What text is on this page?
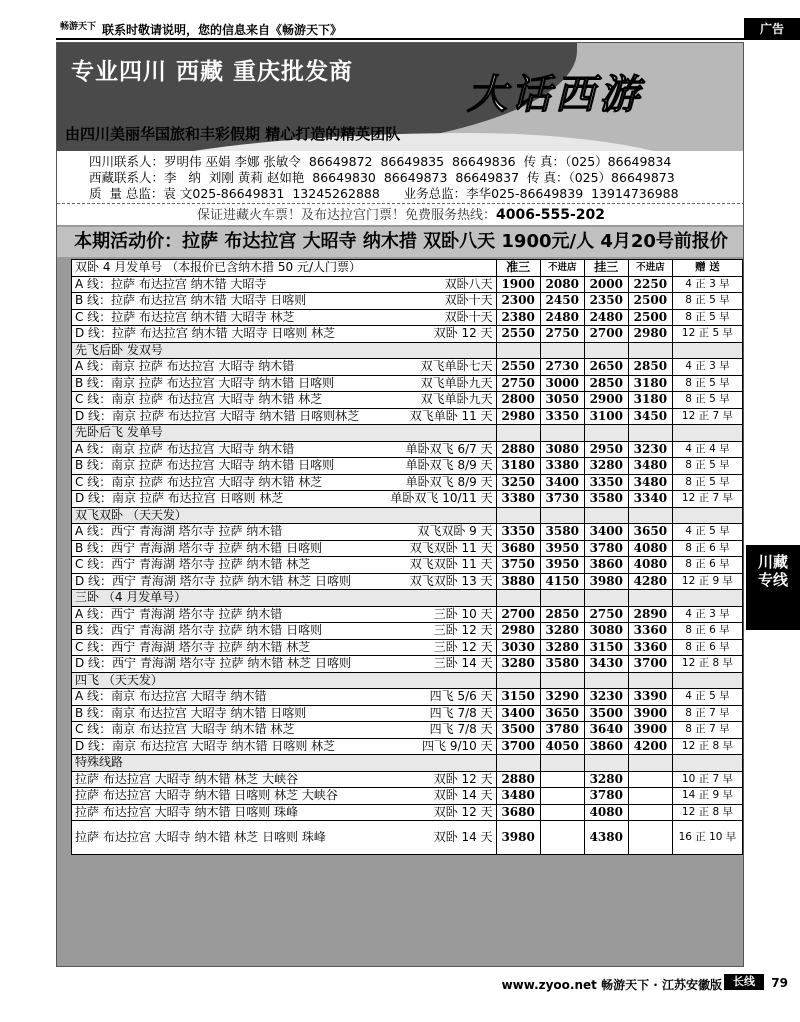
畅游天下 联系时敬请说明，您的信息来自《畅游天下》	广告
专业四川 西藏 重庆批发商	大话西游
由四川美丽华国旅和丰彩假期 精心打造的精英团队
四川联系人：罗明伟 巫娟 李娜 张敏令  86649872  86649835  86649836  传 真：（025）86649834
西藏联系人：李   纳  刘刚 黄莉 赵如艳  86649830  86649873  86649837  传 真：（025）86649873
质  量 总监：袁 文025-86649831  13245262888      业务总监：李华025-86649839  13914736988
保证进藏火车票！及布达拉宫门票！免费服务热线：4006-555-202
本期活动价：拉萨 布达拉宫 大昭寺 纳木措 双卧八天 1900元/人 4月20号前报价
双卧 4 月发单号 （本报价已含纳木措 50 元/人门票）	准三	不进店	挂三	不进店	赠 送

A 线：拉萨 布达拉宫 纳木错 大昭寺 双卧八天	1900	2080	2000	2250	4 正 3 早

B 线：拉萨 布达拉宫 纳木错 大昭寺 日喀则 双卧十天	2300	2450	2350	2500	8 正 5 早

C 线：拉萨 布达拉宫 纳木错 大昭寺 林芝 双卧十天	2380	2480	2480	2500	8 正 5 早

D 线：拉萨 布达拉宫 纳木错 大昭寺 日喀则 林芝 双卧 12 天	2550	2750	2700	2980	12 正 5 早
先飞后卧 发双号					

A 线：南京 拉萨 布达拉宫 大昭寺 纳木错 双飞单卧七天	2550	2730	2650	2850	4 正 3 早

B 线：南京 拉萨 布达拉宫 大昭寺 纳木错 日喀则 双飞单卧九天	2750	3000	2850	3180	8 正 5 早

C 线：南京 拉萨 布达拉宫 大昭寺 纳木错 林芝 双飞单卧九天	2800	3050	2900	3180	8 正 5 早

D 线：南京 拉萨 布达拉宫 大昭寺 纳木错 日喀则林芝 双飞单卧 11 天	2980	3350	3100	3450	12 正 7 早
先卧后飞 发单号					

A 线：南京 拉萨 布达拉宫 大昭寺 纳木错 单卧双飞 6/7 天	2880	3080	2950	3230	4 正 4 早

B 线：南京 拉萨 布达拉宫 大昭寺 纳木错 日喀则 单卧双飞 8/9 天	3180	3380	3280	3480	8 正 5 早

C 线：南京 拉萨 布达拉宫 大昭寺 纳木错 林芝 单卧双飞 8/9 天	3250	3400	3350	3480	8 正 5 早

D 线：南京 拉萨 布达拉宫 日喀则 林芝 单卧双飞 10/11 天	3380	3730	3580	3340	12 正 7 早
双飞双卧 （天天发）					

A 线：西宁 青海湖 塔尔寺 拉萨 纳木错 双飞双卧 9 天	3350	3580	3400	3650	4 正 5 早

B 线：西宁 青海湖 塔尔寺 拉萨 纳木错 日喀则 双飞双卧 11 天	3680	3950	3780	4080	8 正 6 早

C 线：西宁 青海湖 塔尔寺 拉萨 纳木错 林芝 双飞双卧 11 天	3750	3950	3860	4080	8 正 6 早

D 线：西宁 青海湖 塔尔寺 拉萨 纳木错 林芝 日喀则 双飞双卧 13 天	3880	4150	3980	4280	12 正 9 早
三卧 （4 月发单号）					

A 线：西宁 青海湖 塔尔寺 拉萨 纳木错 三卧 10 天	2700	2850	2750	2890	4 正 3 早

B 线：西宁 青海湖 塔尔寺 拉萨 纳木错 日喀则 三卧 12 天	2980	3280	3080	3360	8 正 6 早

C 线：西宁 青海湖 塔尔寺 拉萨 纳木错 林芝 三卧 12 天	3030	3280	3150	3360	8 正 6 早

D 线：西宁 青海湖 塔尔寺 拉萨 纳木错 林芝 日喀则 三卧 14 天	3280	3580	3430	3700	12 正 8 早
四飞 （天天发）					

A 线：南京 布达拉宫 大昭寺 纳木错 四飞 5/6 天	3150	3290	3230	3390	4 正 5 早

B 线：南京 布达拉宫 大昭寺 纳木错 日喀则 四飞 7/8 天	3400	3650	3500	3900	8 正 7 早

C 线：南京 布达拉宫 大昭寺 纳木错 林芝 四飞 7/8 天	3500	3780	3640	3900	8 正 7 早

D 线：南京 布达拉宫 大昭寺 纳木错 日喀则 林芝 四飞 9/10 天	3700	4050	3860	4200	12 正 8 早
特殊线路					

拉萨 布达拉宫 大昭寺 纳木错 林芝 大峡谷 双卧 12 天	2880		3280		10 正 7 早

拉萨 布达拉宫 大昭寺 纳木错 日喀则 林芝 大峡谷 双卧 14 天	3480		3780		14 正 9 早

拉萨 布达拉宫 大昭寺 纳木错 日喀则 珠峰 双卧 12 天	3680		4080		12 正 8 早

拉萨 布达拉宫 大昭寺 纳木错 林芝 日喀则 珠峰 双卧 14 天	3980		4380		16 正 10 早
川藏专线
www.zyoo.net 畅游天下 · 江苏安徽版	长线	79
